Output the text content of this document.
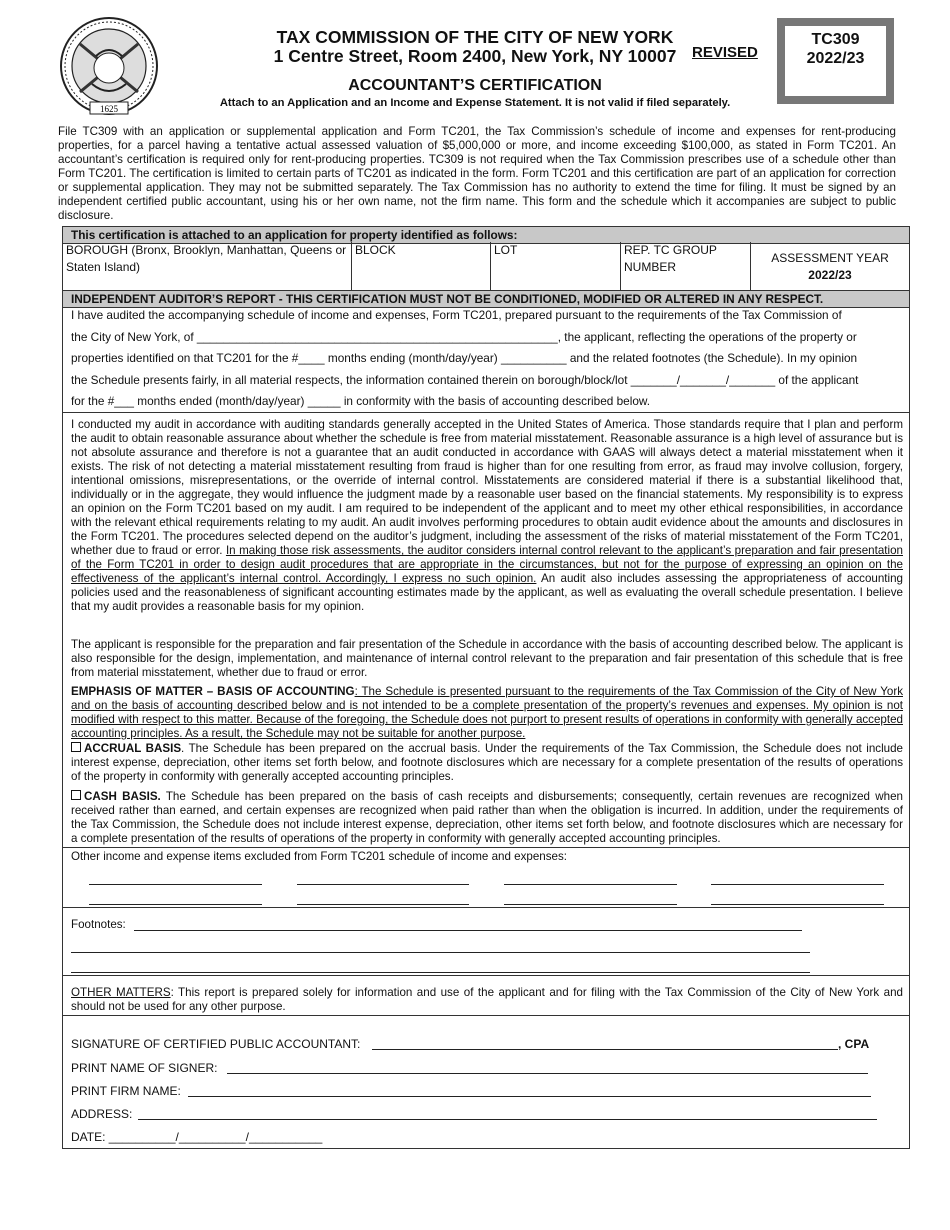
1625
TAX COMMISSION OF THE CITY OF NEW YORK
1 Centre Street, Room 2400, New York, NY 10007	REVISED
TC309
2022/23
ACCOUNTANT’S CERTIFICATION
Attach to an Application and an Income and Expense Statement. It is not valid if filed separately.
File TC309 with an application or supplemental application and Form TC201, the Tax Commission’s schedule of income and expenses for rent-producing properties, for a parcel having a tentative actual assessed valuation of $5,000,000 or more, and income exceeding $100,000, as stated in Form TC201. An accountant’s certification is required only for rent-producing properties. TC309 is not required when the Tax Commission prescribes use of a schedule other than Form TC201. The certification is limited to certain parts of TC201 as indicated in the form. Form TC201 and this certification are part of an application for correction or supplemental application. They may not be submitted separately. The Tax Commission has no authority to extend the time for filing. It must be signed by an independent certified public accountant, using his or her own name, not the firm name. This form and the schedule which it accompanies are subject to public disclosure.
This certification is attached to an application for property identified as follows:
BOROUGH (Bronx, Brooklyn, Manhattan, Queens or Staten Island)
BLOCK	LOT	REP. TC GROUP NUMBER
ASSESSMENT YEAR
2022/23
INDEPENDENT AUDITOR’S REPORT - THIS CERTIFICATION MUST NOT BE CONDITIONED, MODIFIED OR ALTERED IN ANY RESPECT.
I have audited the accompanying schedule of income and expenses, Form TC201, prepared pursuant to the requirements of the Tax Commission of
the City of New York, of _______________________________________________________, the applicant, reflecting the operations of the property or
properties identified on that TC201 for the #____ months ending (month/day/year) __________ and the related footnotes (the Schedule). In my opinion
the Schedule presents fairly, in all material respects, the information contained therein on borough/block/lot _______/_______/_______ of the applicant
for the #___ months ended (month/day/year) _____ in conformity with the basis of accounting described below.
I conducted my audit in accordance with auditing standards generally accepted in the United States of America. Those standards require that I plan and perform the audit to obtain reasonable assurance about whether the schedule is free from material misstatement. Reasonable assurance is a high level of assurance but is not absolute assurance and therefore is not a guarantee that an audit conducted in accordance with GAAS will always detect a material misstatement when it exists. The risk of not detecting a material misstatement resulting from fraud is higher than for one resulting from error, as fraud may involve collusion, forgery, intentional omissions, misrepresentations, or the override of internal control. Misstatements are considered material if there is a substantial likelihood that, individually or in the aggregate, they would influence the judgment made by a reasonable user based on the financial statements. My responsibility is to express an opinion on the Form TC201 based on my audit. I am required to be independent of the applicant and to meet my other ethical responsibilities, in accordance with the relevant ethical requirements relating to my audit. An audit involves performing procedures to obtain audit evidence about the amounts and disclosures in the Form TC201. The procedures selected depend on the auditor’s judgment, including the assessment of the risks of material misstatement of the Form TC201, whether due to fraud or error. In making those risk assessments, the auditor considers internal control relevant to the applicant’s preparation and fair presentation of the Form TC201 in order to design audit procedures that are appropriate in the circumstances, but not for the purpose of expressing an opinion on the effectiveness of the applicant’s internal control. Accordingly, I express no such opinion. An audit also includes assessing the appropriateness of accounting policies used and the reasonableness of significant accounting estimates made by the applicant, as well as evaluating the overall schedule presentation. I believe that my audit provides a reasonable basis for my opinion.
The applicant is responsible for the preparation and fair presentation of the Schedule in accordance with the basis of accounting described below. The applicant is also responsible for the design, implementation, and maintenance of internal control relevant to the preparation and fair presentation of this schedule that is free from material misstatement, whether due to fraud or error.
EMPHASIS OF MATTER – BASIS OF ACCOUNTING: The Schedule is presented pursuant to the requirements of the Tax Commission of the City of New York and on the basis of accounting described below and is not intended to be a complete presentation of the property’s revenues and expenses. My opinion is not modified with respect to this matter. Because of the foregoing, the Schedule does not purport to present results of operations in conformity with generally accepted accounting principles. As a result, the Schedule may not be suitable for another purpose.
ACCRUAL BASIS. The Schedule has been prepared on the accrual basis. Under the requirements of the Tax Commission, the Schedule does not include interest expense, depreciation, other items set forth below, and footnote disclosures which are necessary for a complete presentation of the results of operations of the property in conformity with generally accepted accounting principles.
CASH BASIS. The Schedule has been prepared on the basis of cash receipts and disbursements; consequently, certain revenues are recognized when received rather than earned, and certain expenses are recognized when paid rather than when the obligation is incurred. In addition, under the requirements of the Tax Commission, the Schedule does not include interest expense, depreciation, other items set forth below, and footnote disclosures which are necessary for a complete presentation of the results of operations of the property in conformity with generally accepted accounting principles.
Other income and expense items excluded from Form TC201 schedule of income and expenses:
Footnotes:
OTHER MATTERS: This report is prepared solely for information and use of the applicant and for filing with the Tax Commission of the City of New York and should not be used for any other purpose.
SIGNATURE OF CERTIFIED PUBLIC ACCOUNTANT:	, CPA
PRINT NAME OF SIGNER:
PRINT FIRM NAME:
ADDRESS:
DATE: __________/__________/___________
